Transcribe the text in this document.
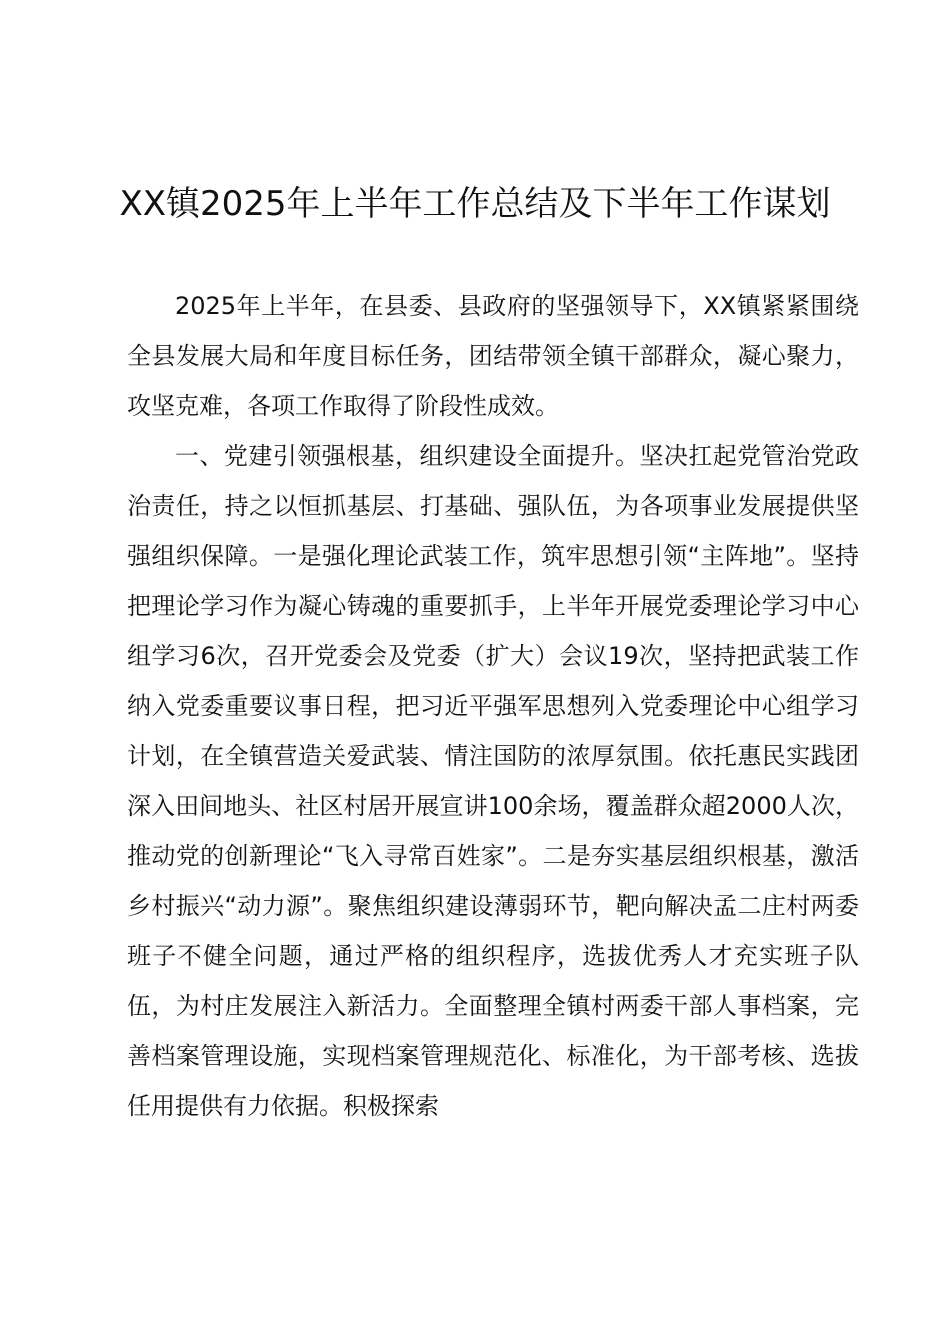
XX镇2025年上半年工作总结及下半年工作谋划

2025年上半年，在县委、县政府的坚强领导下，XX镇紧紧围绕全县发展大局和年度目标任务，团结带领全镇干部群众，凝心聚力，攻坚克难，各项工作取得了阶段性成效。

一、党建引领强根基，组织建设全面提升。坚决扛起党管治党政治责任，持之以恒抓基层、打基础、强队伍，为各项事业发展提供坚强组织保障。一是强化理论武装工作，筑牢思想引领“主阵地”。坚持把理论学习作为凝心铸魂的重要抓手，上半年开展党委理论学习中心组学习6次，召开党委会及党委（扩大）会议19次，坚持把武装工作纳入党委重要议事日程，把习近平强军思想列入党委理论中心组学习计划，在全镇营造关爱武装、情注国防的浓厚氛围。依托惠民实践团深入田间地头、社区村居开展宣讲100余场，覆盖群众超2000人次，推动党的创新理论“飞入寻常百姓家”。二是夯实基层组织根基，激活乡村振兴“动力源”。聚焦组织建设薄弱环节，靶向解决孟二庄村两委班子不健全问题，通过严格的组织程序，选拔优秀人才充实班子队伍，为村庄发展注入新活力。全面整理全镇村两委干部人事档案，完善档案管理设施，实现档案管理规范化、标准化，为干部考核、选拔任用提供有力依据。积极探索
